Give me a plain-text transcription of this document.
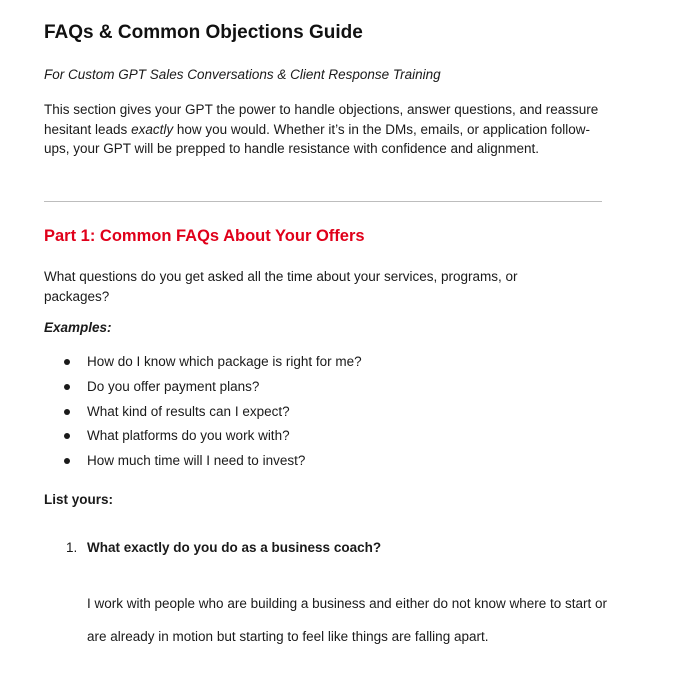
FAQs & Common Objections Guide

For Custom GPT Sales Conversations & Client Response Training

This section gives your GPT the power to handle objections, answer questions, and reassure hesitant leads exactly how you would. Whether it’s in the DMs, emails, or application follow-ups, your GPT will be prepped to handle resistance with confidence and alignment.

Part 1: Common FAQs About Your Offers

What questions do you get asked all the time about your services, programs, or packages?

Examples:

How do I know which package is right for me?
Do you offer payment plans?
What kind of results can I expect?
What platforms do you work with?
How much time will I need to invest?

List yours:

1. What exactly do you do as a business coach?

I work with people who are building a business and either do not know where to start or are already in motion but starting to feel like things are falling apart.
